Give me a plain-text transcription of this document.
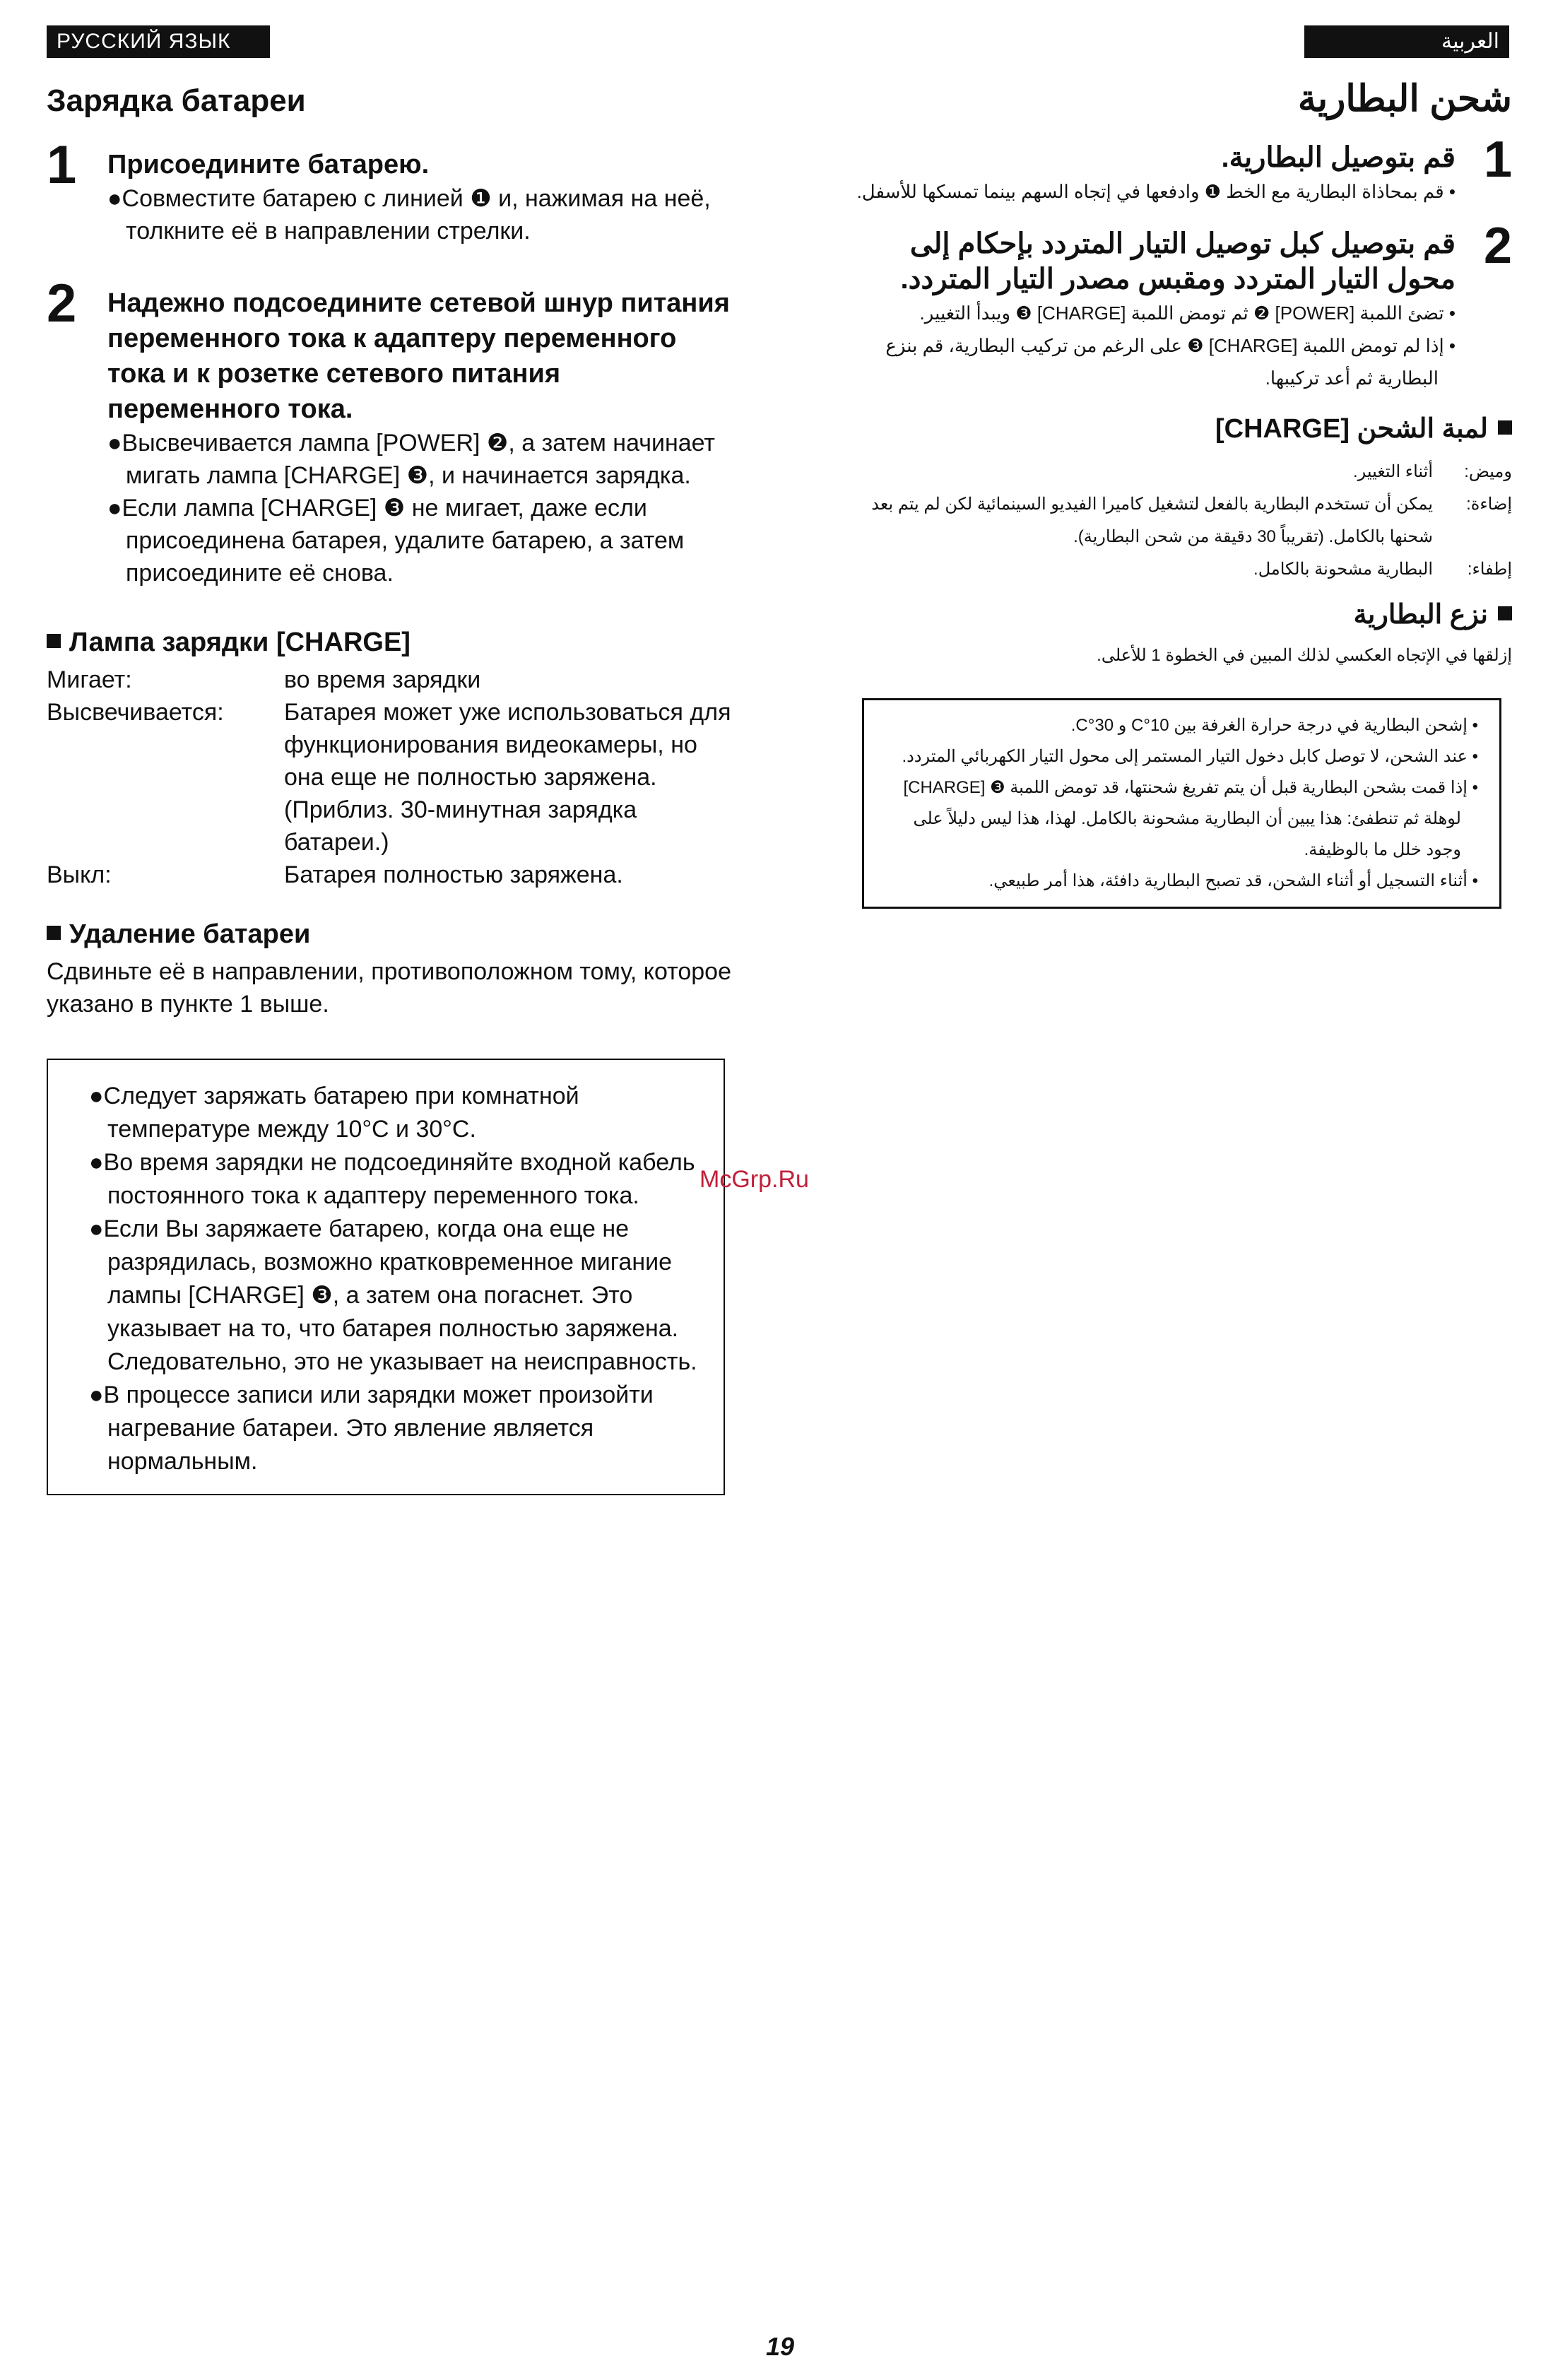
РУССКИЙ ЯЗЫК	العربية
Зарядка батареи
1 Присоедините батарею.
●Совместите батарею с линией ❶ и, нажимая на неё, толкните её в направлении стрелки.
2 Надежно подсоедините сетевой шнур питания переменного тока к адаптеру переменного тока и к розетке сетевого питания переменного тока.
●Высвечивается лампа [POWER] ❷, а затем начинает мигать лампа [CHARGE] ❸, и начинается зарядка.
●Если лампа [CHARGE] ❸ не мигает, даже если присоединена батарея, удалите батарею, а затем присоедините её снова.
Лампа зарядки [CHARGE]
Мигает:	во время зарядки
Высвечивается:	Батарея может уже использоваться для функционирования видеокамеры, но она еще не полностью заряжена. (Приблиз. 30-минутная зарядка батареи.)
Выкл:	Батарея полностью заряжена.
Удаление батареи
Сдвиньте её в направлении, противоположном тому, которое указано в пункте 1 выше.
●Следует заряжать батарею при комнатной температуре между 10°C и 30°C.
●Во время зарядки не подсоединяйте входной кабель постоянного тока к адаптеру переменного тока.
●Если Вы заряжаете батарею, когда она еще не разрядилась, возможно кратковременное мигание лампы [CHARGE] ❸, а затем она погаснет. Это указывает на то, что батарея полностью заряжена. Следовательно, это не указывает на неисправность.
●В процессе записи или зарядки может произойти нагревание батареи. Это явление является нормальным.
شحن البطارية
1
قم بتوصيل البطارية.
• قم بمحاذاة البطارية مع الخط ❶ وادفعها في إتجاه السهم بينما تمسكها للأسفل.
2
قم بتوصيل كبل توصيل التيار المتردد بإحكام إلى محول التيار المتردد ومقبس مصدر التيار المتردد.
• تضئ اللمبة [POWER] ❷ ثم تومض اللمبة [CHARGE] ❸ ويبدأ التغيير.
• إذا لم تومض اللمبة [CHARGE] ❸ على الرغم من تركيب البطارية، قم بنزع البطارية ثم أعد تركيبها.
لمبة الشحن [CHARGE]
وميض:	أثناء التغيير.
إضاءة:	يمكن أن تستخدم البطارية بالفعل لتشغيل كاميرا الفيديو السينمائية لكن لم يتم بعد شحنها بالكامل. (تقريباً 30 دقيقة من شحن البطارية).
إطفاء:	البطارية مشحونة بالكامل.
نزع البطارية
إزلقها في الإتجاه العكسي لذلك المبين في الخطوة 1 للأعلى.
• إشحن البطارية في درجة حرارة الغرفة بين 10°C و 30°C.
• عند الشحن، لا توصل كابل دخول التيار المستمر إلى محول التيار الكهربائي المتردد.
• إذا قمت بشحن البطارية قبل أن يتم تفريغ شحنتها، قد تومض اللمبة ❸ [CHARGE] لوهلة ثم تنطفئ: هذا يبين أن البطارية مشحونة بالكامل. لهذا، هذا ليس دليلاً على وجود خلل ما بالوظيفة.
• أثناء التسجيل أو أثناء الشحن، قد تصبح البطارية دافئة، هذا أمر طبيعي.
McGrp.Ru
19
